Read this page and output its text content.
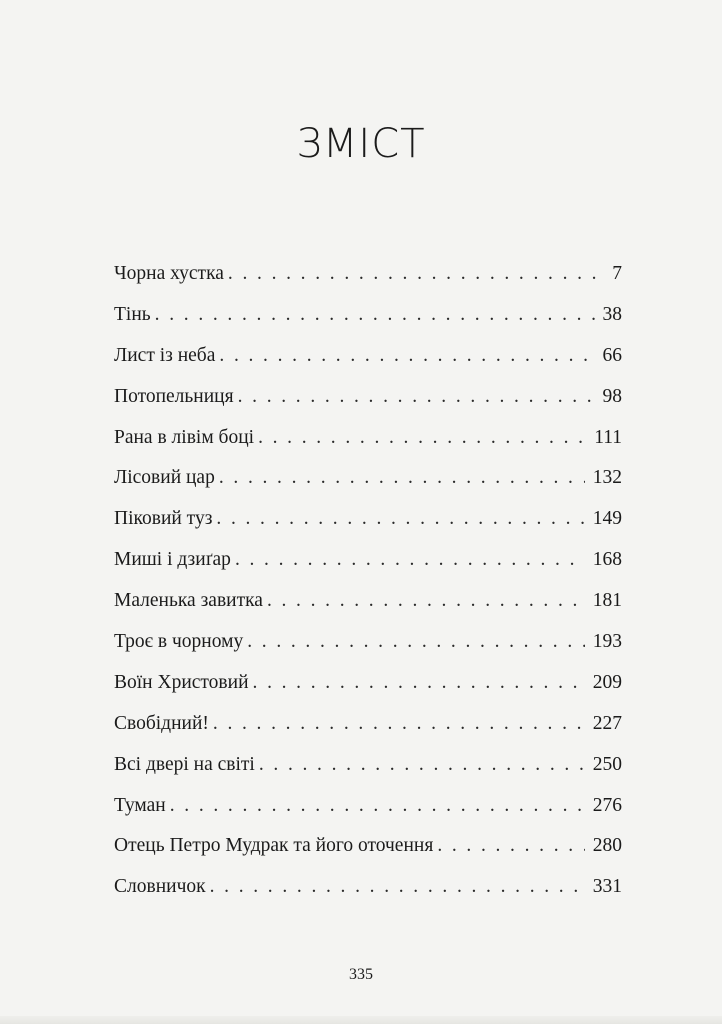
ЗМІСТ
Чорна хустка . . .	7
Тінь . . .	38
Лист із неба . . .	66
Потопельниця . . .	98
Рана в лівім боці . . .	111
Лісовий цар . . .	132
Піковий туз . . .	149
Миші і дзиґар . . .	168
Маленька завитка . . .	181
Троє в чорному . . .	193
Воїн Христовий . . .	209
Свобідний! . . .	227
Всі двері на світі . . .	250
Туман . . .	276
Отець Петро Мудрак та його оточення . . .	280
Словничок . . .	331
335
